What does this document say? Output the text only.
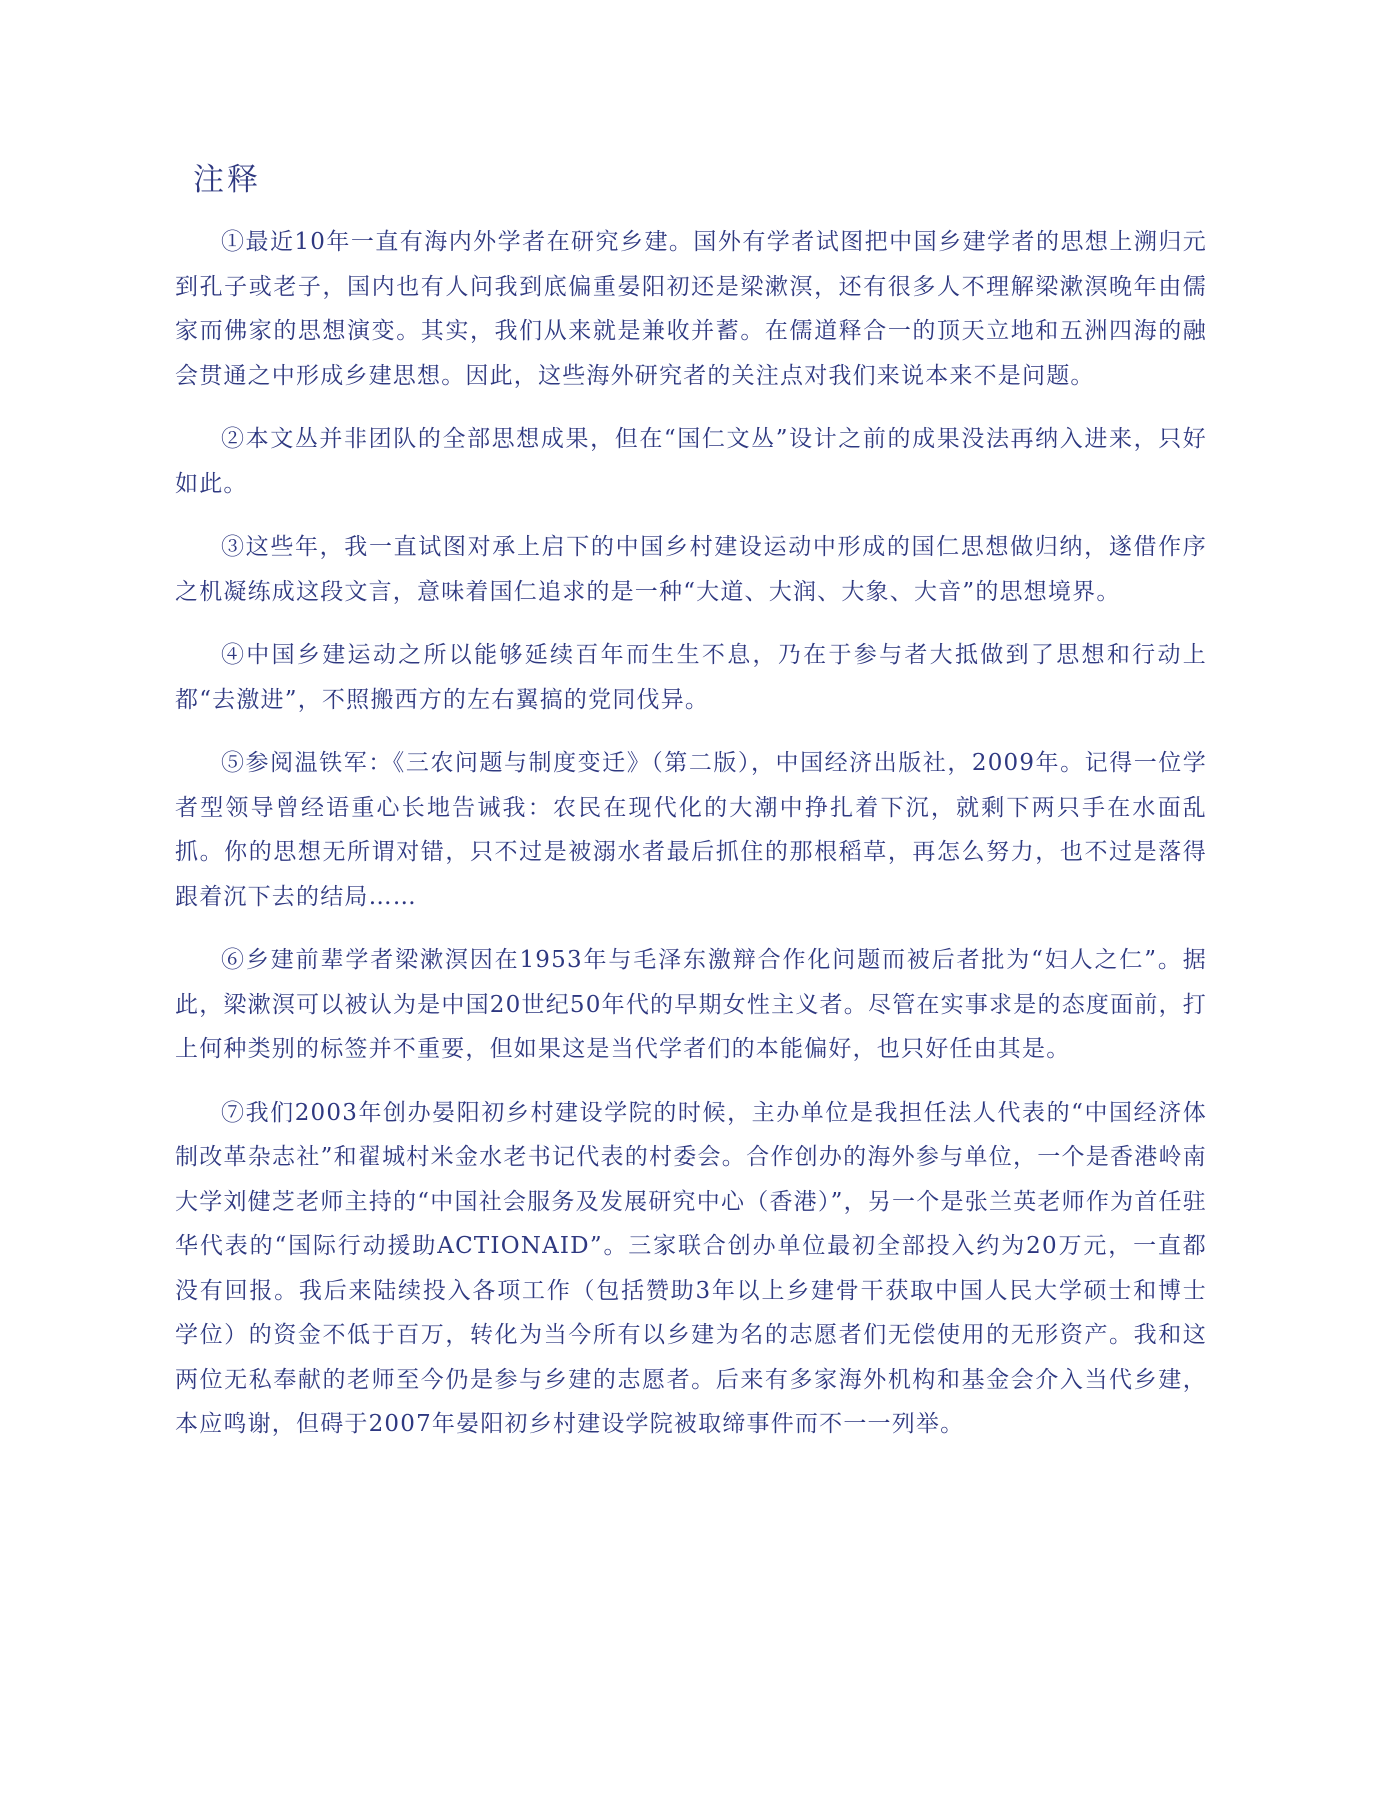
注释

①最近10年一直有海内外学者在研究乡建。国外有学者试图把中国乡建学者的思想上溯归元到孔子或老子，国内也有人问我到底偏重晏阳初还是梁漱溟，还有很多人不理解梁漱溟晚年由儒家而佛家的思想演变。其实，我们从来就是兼收并蓄。在儒道释合一的顶天立地和五洲四海的融会贯通之中形成乡建思想。因此，这些海外研究者的关注点对我们来说本来不是问题。

②本文丛并非团队的全部思想成果，但在“国仁文丛”设计之前的成果没法再纳入进来，只好如此。

③这些年，我一直试图对承上启下的中国乡村建设运动中形成的国仁思想做归纳，遂借作序之机凝练成这段文言，意味着国仁追求的是一种“大道、大润、大象、大音”的思想境界。

④中国乡建运动之所以能够延续百年而生生不息，乃在于参与者大抵做到了思想和行动上都“去激进”，不照搬西方的左右翼搞的党同伐异。

⑤参阅温铁军：《三农问题与制度变迁》（第二版），中国经济出版社，2009年。记得一位学者型领导曾经语重心长地告诫我：农民在现代化的大潮中挣扎着下沉，就剩下两只手在水面乱抓。你的思想无所谓对错，只不过是被溺水者最后抓住的那根稻草，再怎么努力，也不过是落得跟着沉下去的结局……

⑥乡建前辈学者梁漱溟因在1953年与毛泽东激辩合作化问题而被后者批为“妇人之仁”。据此，梁漱溟可以被认为是中国20世纪50年代的早期女性主义者。尽管在实事求是的态度面前，打上何种类别的标签并不重要，但如果这是当代学者们的本能偏好，也只好任由其是。

⑦我们2003年创办晏阳初乡村建设学院的时候，主办单位是我担任法人代表的“中国经济体制改革杂志社”和翟城村米金水老书记代表的村委会。合作创办的海外参与单位，一个是香港岭南大学刘健芝老师主持的“中国社会服务及发展研究中心（香港）”，另一个是张兰英老师作为首任驻华代表的“国际行动援助ACTIONAID”。三家联合创办单位最初全部投入约为20万元，一直都没有回报。我后来陆续投入各项工作（包括赞助3年以上乡建骨干获取中国人民大学硕士和博士学位）的资金不低于百万，转化为当今所有以乡建为名的志愿者们无偿使用的无形资产。我和这两位无私奉献的老师至今仍是参与乡建的志愿者。后来有多家海外机构和基金会介入当代乡建，本应鸣谢，但碍于2007年晏阳初乡村建设学院被取缔事件而不一一列举。
